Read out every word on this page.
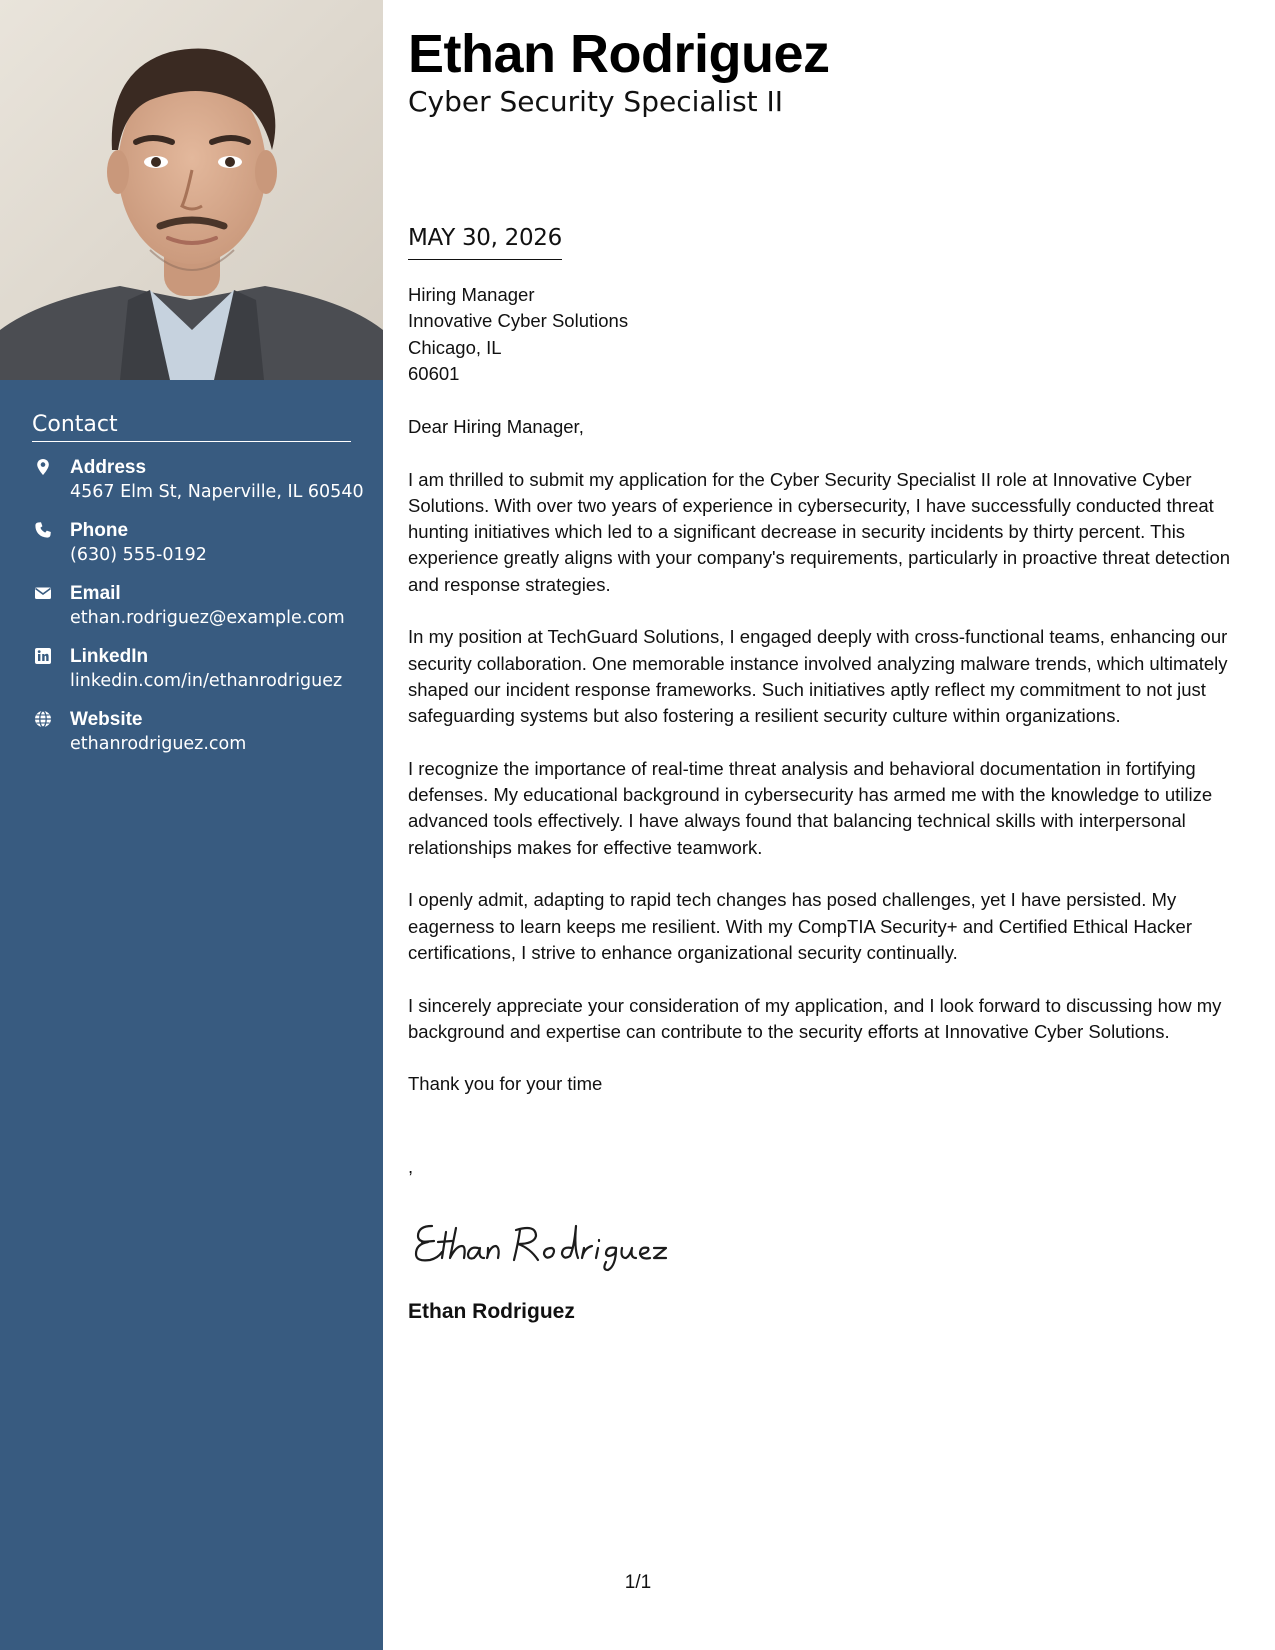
Contact
Address
4567 Elm St, Naperville, IL 60540
Phone
(630) 555-0192
Email
ethan.rodriguez@example.com
LinkedIn
linkedin.com/in/ethanrodriguez
Website
ethanrodriguez.com
Ethan Rodriguez
Cyber Security Specialist II
MAY 30, 2026
Hiring Manager
Innovative Cyber Solutions
Chicago, IL
60601

Dear Hiring Manager,

I am thrilled to submit my application for the Cyber Security Specialist II role at Innovative Cyber Solutions. With over two years of experience in cybersecurity, I have successfully conducted threat hunting initiatives which led to a significant decrease in security incidents by thirty percent. This experience greatly aligns with your company's requirements, particularly in proactive threat detection and response strategies.

In my position at TechGuard Solutions, I engaged deeply with cross-functional teams, enhancing our security collaboration. One memorable instance involved analyzing malware trends, which ultimately shaped our incident response frameworks. Such initiatives aptly reflect my commitment to not just safeguarding systems but also fostering a resilient security culture within organizations.

I recognize the importance of real-time threat analysis and behavioral documentation in fortifying defenses. My educational background in cybersecurity has armed me with the knowledge to utilize advanced tools effectively. I have always found that balancing technical skills with interpersonal relationships makes for effective teamwork.

I openly admit, adapting to rapid tech changes has posed challenges, yet I have persisted. My eagerness to learn keeps me resilient. With my CompTIA Security+ and Certified Ethical Hacker certifications, I strive to enhance organizational security continually.

I sincerely appreciate your consideration of my application, and I look forward to discussing how my background and expertise can contribute to the security efforts at Innovative Cyber Solutions.

Thank you for your time

,
Ethan Rodriguez
1/1
